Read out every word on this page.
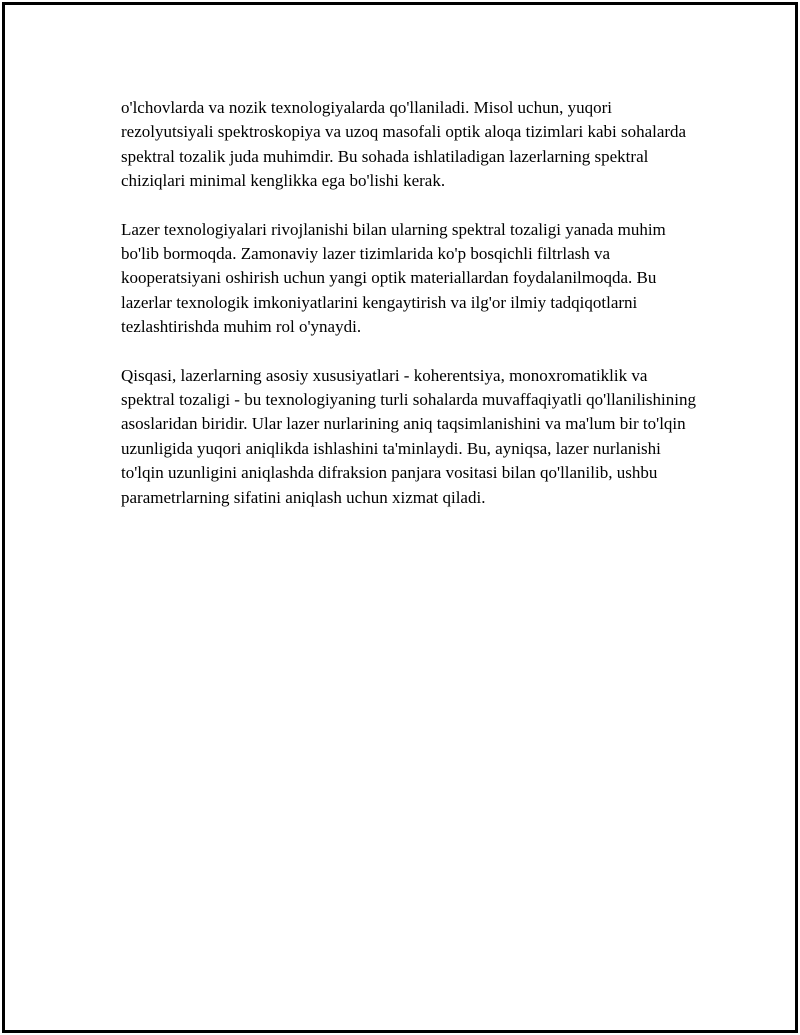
o'lchovlarda va nozik texnologiyalarda qo'llaniladi. Misol uchun, yuqori rezolyutsiyali spektroskopiya va uzoq masofali optik aloqa tizimlari kabi sohalarda spektral tozalik juda muhimdir. Bu sohada ishlatiladigan lazerlarning spektral chiziqlari minimal kenglikka ega bo'lishi kerak.

Lazer texnologiyalari rivojlanishi bilan ularning spektral tozaligi yanada muhim bo'lib bormoqda. Zamonaviy lazer tizimlarida ko'p bosqichli filtrlash va kooperatsiyani oshirish uchun yangi optik materiallardan foydalanilmoqda. Bu lazerlar texnologik imkoniyatlarini kengaytirish va ilg'or ilmiy tadqiqotlarni tezlashtirishda muhim rol o'ynaydi.

Qisqasi, lazerlarning asosiy xususiyatlari - koherentsiya, monoxromatiklik va spektral tozaligi - bu texnologiyaning turli sohalarda muvaffaqiyatli qo'llanilishining asoslaridan biridir. Ular lazer nurlarining aniq taqsimlanishini va ma'lum bir to'lqin uzunligida yuqori aniqlikda ishlashini ta'minlaydi. Bu, ayniqsa, lazer nurlanishi to'lqin uzunligini aniqlashda difraksion panjara vositasi bilan qo'llanilib, ushbu parametrlarning sifatini aniqlash uchun xizmat qiladi.
